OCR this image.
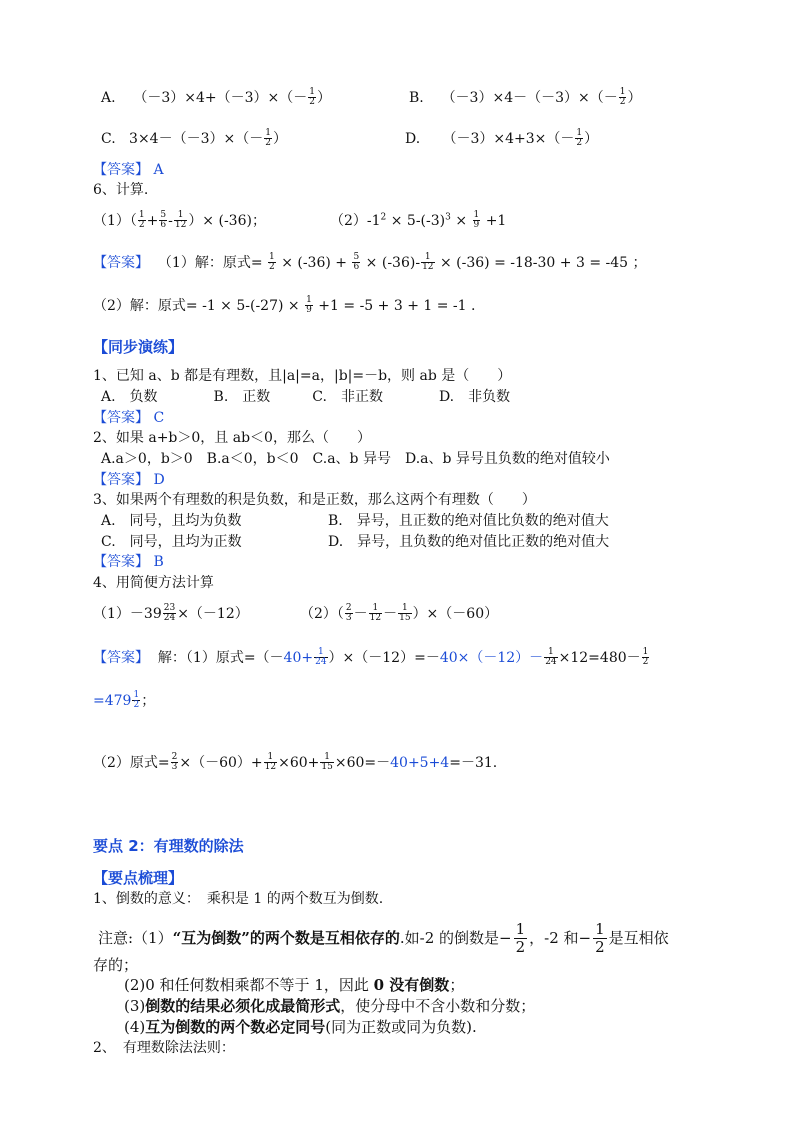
A. $(-3)\times 4+(-3)\times(- \frac{1}{2}$ ）	B. $(-3)\times 4-(-3)\times(- \frac{1}{2}$ ）
C. $3\times 4-(-3)\times(- \frac{1}{2}$ ）	D. $(-3)\times 4+3\times(- \frac{1}{2}$ ）
【答案】 A
6、计算.
$(1)( \frac{1}{2} + \frac{5}{6} - \frac{1}{12}$ ）× (-36)；	$(2)-1^2 \times 5-(-3)^3 \times \frac{1}{9} +1$
【答案】 （1）解：原式= $\frac{1}{2} \times (-36) + \frac{5}{6} \times (-36)- \frac{1}{12} \times (-36) = -18-30 + 3 = -45$ ；
（2）解：原式= $-1 \times 5-(-27) \times \frac{1}{9} +1 = -5 + 3 + 1 = -1$ .
【同步演练】
1、已知 a、b 都是有理数，且|a|=a，|b|=－b，则 ab 是（　　）
A.　负数　　　　B.　正数　　　C.　非正数　　　　D.　非负数
【答案】 C
2、如果 a+b＞0，且 ab＜0，那么（　　）
A.a＞0，b＞0　B.a＜0，b＜0　C.a、b 异号　D.a、b 异号且负数的绝对值较小
【答案】 D
3、如果两个有理数的积是负数，和是正数，那么这两个有理数（　　）
A.　同号，且均为负数	B.　异号，且正数的绝对值比负数的绝对值大
C.　同号，且均为正数	D.　异号，且负数的绝对值比正数的绝对值大
【答案】 B
4、用简便方法计算
$(1)-39 \frac{23}{24} \times(-12)$	$(2)( \frac{2}{3} - \frac{1}{12} - \frac{1}{15} )\times(-60)$
【答案】 解：（1）原式$=(-40+ \frac{1}{24} )\times(-12)=-40\times(-12)- \frac{1}{24} \times 12=480- \frac{1}{2}$
$=479 \frac{1}{2}$ ；
（2）原式= $\frac{2}{3} \times(-60)+ \frac{1}{12} \times 60+ \frac{1}{15} \times 60=-40+5+4=-31$.
要点 2：有理数的除法
【要点梳理】
1、倒数的意义：　乘积是 1 的两个数互为倒数.
注意:（1）“互为倒数”的两个数是互相依存的.如-2 的倒数是− $\frac{1}{2}$ ，-2 和− $\frac{1}{2}$ 是互相依
存的；
(2)0 和任何数相乘都不等于 1，因此 0 没有倒数；
(3)倒数的结果必须化成最简形式，使分母中不含小数和分数；
(4)互为倒数的两个数必定同号(同为正数或同为负数).
2、　有理数除法法则：
